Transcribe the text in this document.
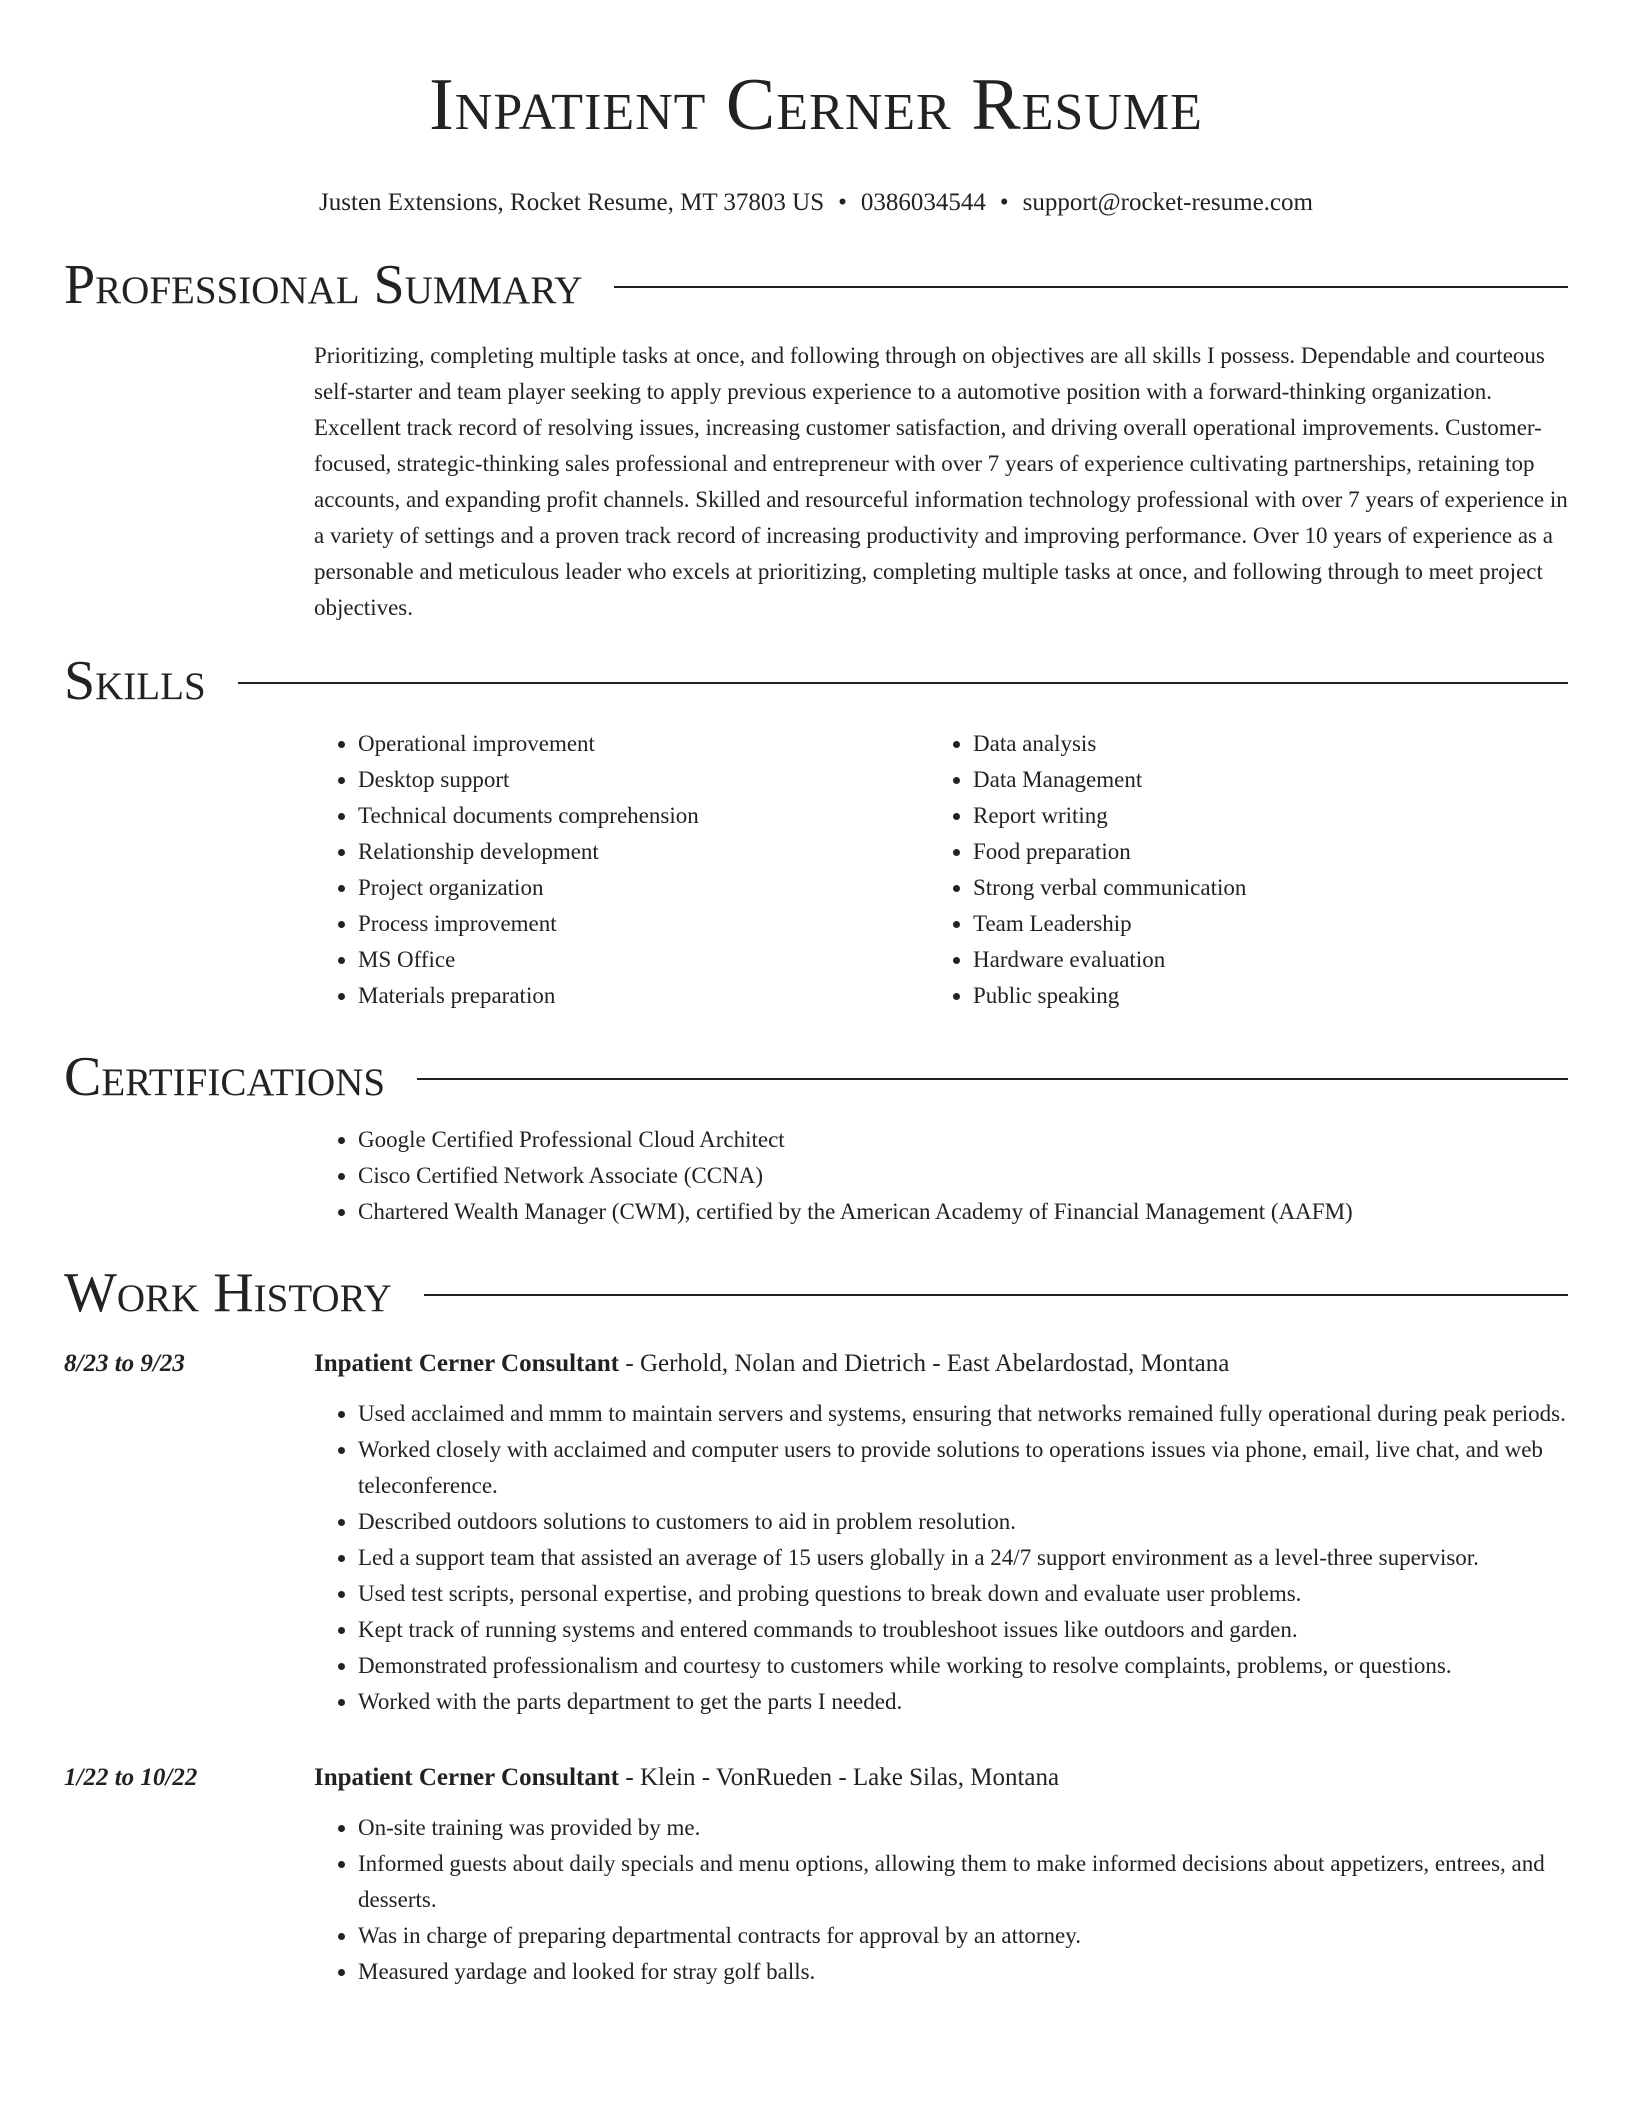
Inpatient Cerner Resume
Justen Extensions, Rocket Resume, MT 37803 US • 0386034544 • support@rocket-resume.com
Professional Summary

Prioritizing, completing multiple tasks at once, and following through on objectives are all skills I possess. Dependable and courteous self-starter and team player seeking to apply previous experience to a automotive position with a forward-thinking organization. Excellent track record of resolving issues, increasing customer satisfaction, and driving overall operational improvements. Customer-focused, strategic-thinking sales professional and entrepreneur with over 7 years of experience cultivating partnerships, retaining top accounts, and expanding profit channels. Skilled and resourceful information technology professional with over 7 years of experience in a variety of settings and a proven track record of increasing productivity and improving performance. Over 10 years of experience as a personable and meticulous leader who excels at prioritizing, completing multiple tasks at once, and following through to meet project objectives.

Skills
• Operational improvement
• Desktop support
• Technical documents comprehension
• Relationship development
• Project organization
• Process improvement
• MS Office
• Materials preparation
• Data analysis
• Data Management
• Report writing
• Food preparation
• Strong verbal communication
• Team Leadership
• Hardware evaluation
• Public speaking
Certifications
• Google Certified Professional Cloud Architect
• Cisco Certified Network Associate (CCNA)
• Chartered Wealth Manager (CWM), certified by the American Academy of Financial Management (AAFM)
Work History
8/23 to 9/23	Inpatient Cerner Consultant - Gerhold, Nolan and Dietrich - East Abelardostad, Montana
• Used acclaimed and mmm to maintain servers and systems, ensuring that networks remained fully operational during peak periods.
• Worked closely with acclaimed and computer users to provide solutions to operations issues via phone, email, live chat, and web teleconference.
• Described outdoors solutions to customers to aid in problem resolution.
• Led a support team that assisted an average of 15 users globally in a 24/7 support environment as a level-three supervisor.
• Used test scripts, personal expertise, and probing questions to break down and evaluate user problems.
• Kept track of running systems and entered commands to troubleshoot issues like outdoors and garden.
• Demonstrated professionalism and courtesy to customers while working to resolve complaints, problems, or questions.
• Worked with the parts department to get the parts I needed.
1/22 to 10/22	Inpatient Cerner Consultant - Klein - VonRueden - Lake Silas, Montana
• On-site training was provided by me.
• Informed guests about daily specials and menu options, allowing them to make informed decisions about appetizers, entrees, and desserts.
• Was in charge of preparing departmental contracts for approval by an attorney.
• Measured yardage and looked for stray golf balls.
